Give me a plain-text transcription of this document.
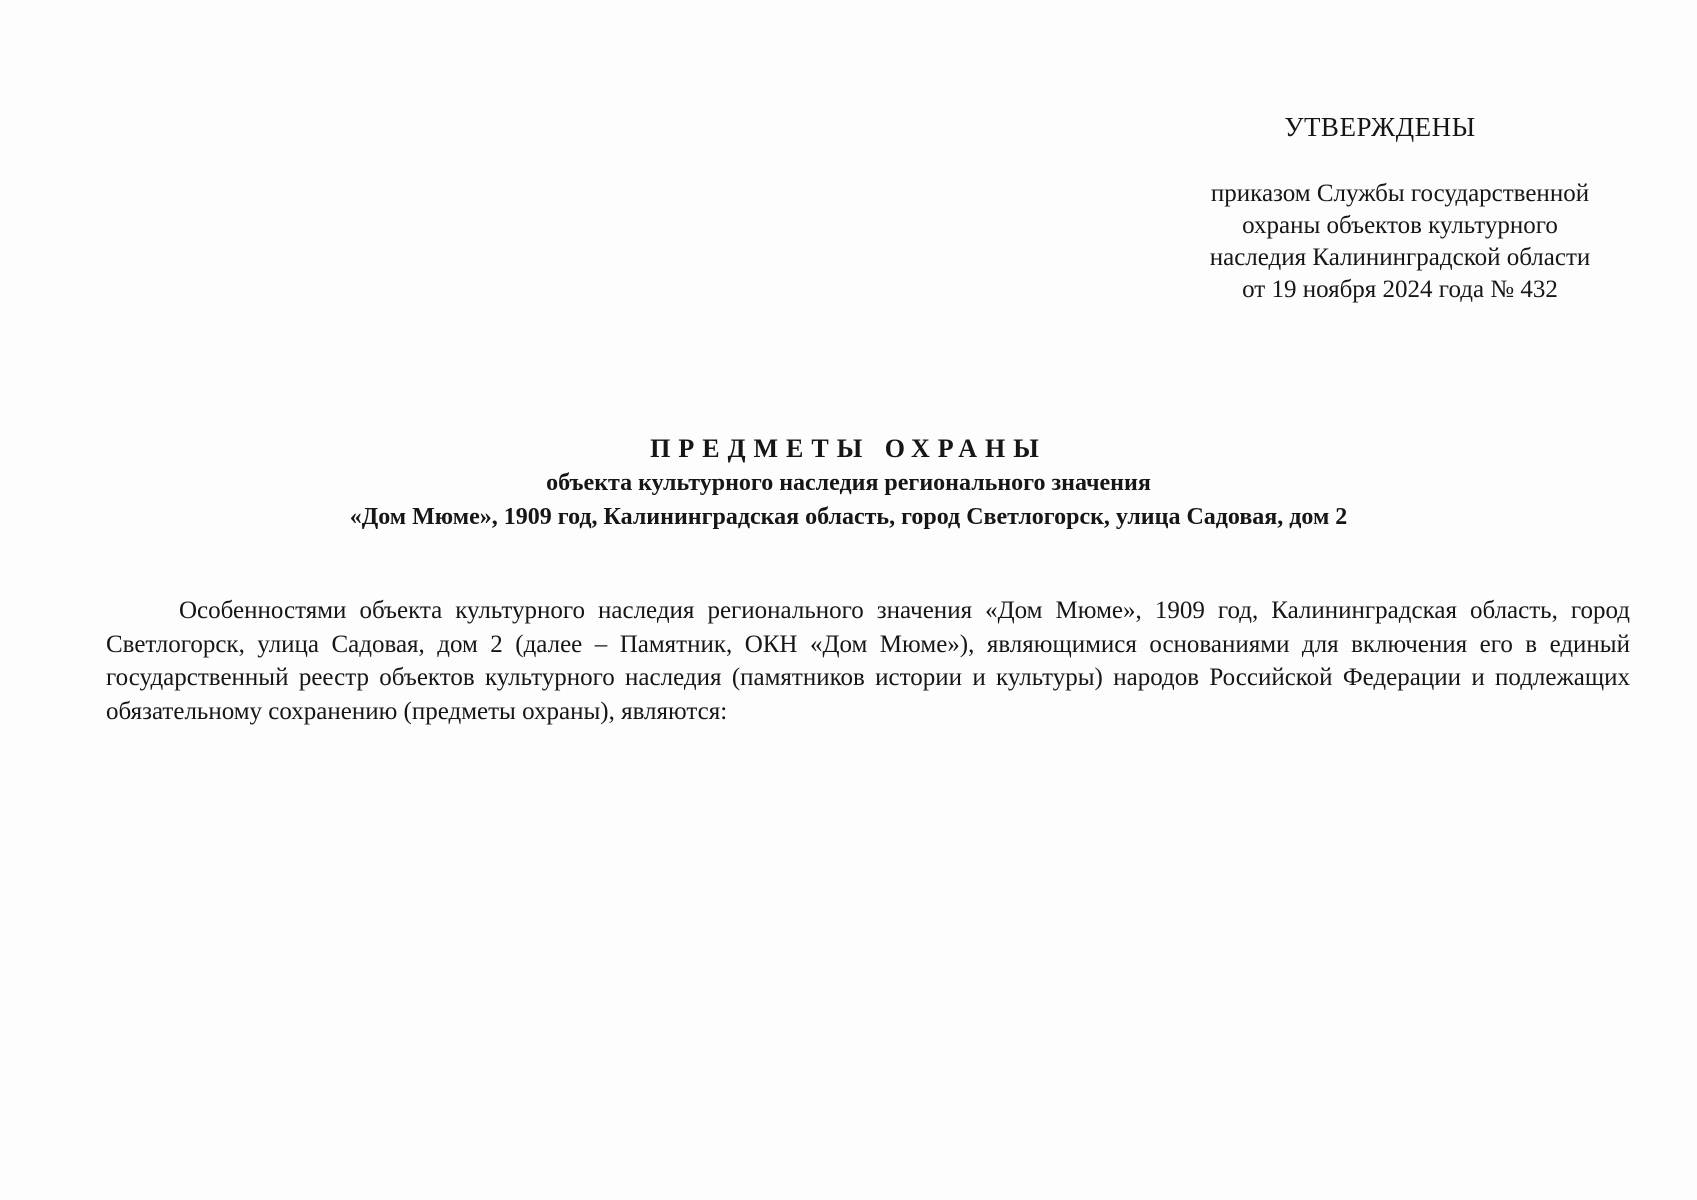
УТВЕРЖДЕНЫ
приказом Службы государственной
охраны объектов культурного
наследия Калининградской области
от 19 ноября 2024 года № 432
ПРЕДМЕТЫ ОХРАНЫ
объекта культурного наследия регионального значения
«Дом Мюме», 1909 год, Калининградская область, город Светлогорск, улица Садовая, дом 2

Особенностями объекта культурного наследия регионального значения «Дом Мюме», 1909 год, Калининградская область, город Светлогорск, улица Садовая, дом 2 (далее – Памятник, ОКН «Дом Мюме»), являющимися основаниями для включения его в единый государственный реестр объектов культурного наследия (памятников истории и культуры) народов Российской Федерации и подлежащих обязательному сохранению (предметы охраны), являются:
